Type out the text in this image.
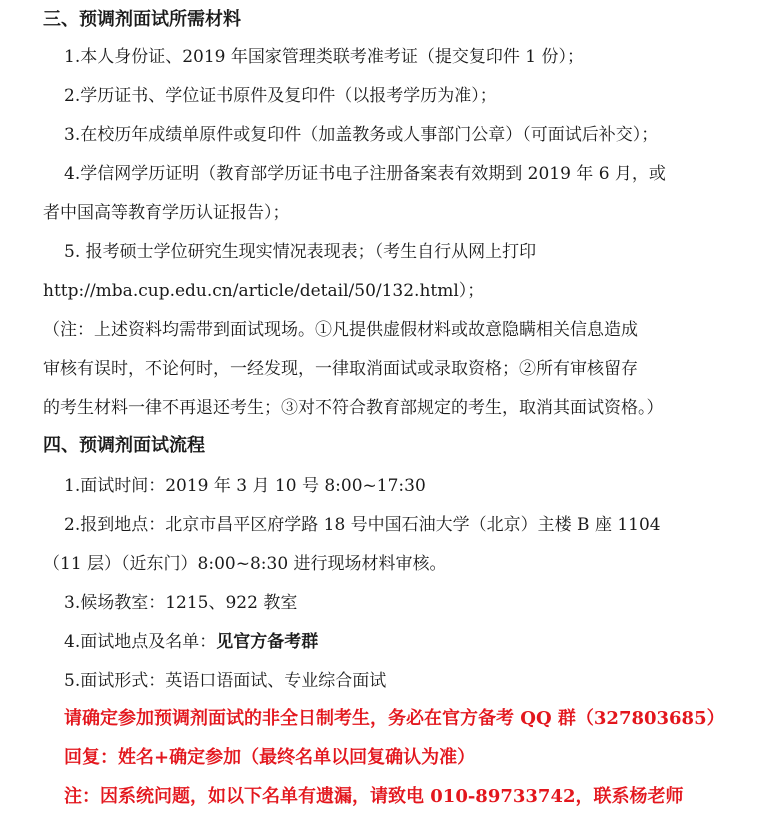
三、预调剂面试所需材料
1.本人身份证、2019 年国家管理类联考准考证（提交复印件 1 份）；
2.学历证书、学位证书原件及复印件（以报考学历为准）；
3.在校历年成绩单原件或复印件（加盖教务或人事部门公章）（可面试后补交）；
4.学信网学历证明（教育部学历证书电子注册备案表有效期到 2019 年 6 月，或
者中国高等教育学历认证报告）；
5. 报考硕士学位研究生现实情况表现表；（考生自行从网上打印
http://mba.cup.edu.cn/article/detail/50/132.html）；
（注：上述资料均需带到面试现场。①凡提供虚假材料或故意隐瞒相关信息造成
审核有误时，不论何时，一经发现，一律取消面试或录取资格；②所有审核留存
的考生材料一律不再退还考生；③对不符合教育部规定的考生，取消其面试资格。）
四、预调剂面试流程
1.面试时间：2019 年 3 月 10 号 8:00~17:30
2.报到地点：北京市昌平区府学路 18 号中国石油大学（北京）主楼 B 座 1104
（11 层）（近东门）8:00~8:30 进行现场材料审核。
3.候场教室：1215、922 教室
4.面试地点及名单：见官方备考群
5.面试形式：英语口语面试、专业综合面试
请确定参加预调剂面试的非全日制考生，务必在官方备考 QQ 群（327803685）
回复：姓名+确定参加（最终名单以回复确认为准）
注：因系统问题，如以下名单有遗漏，请致电 010-89733742，联系杨老师
